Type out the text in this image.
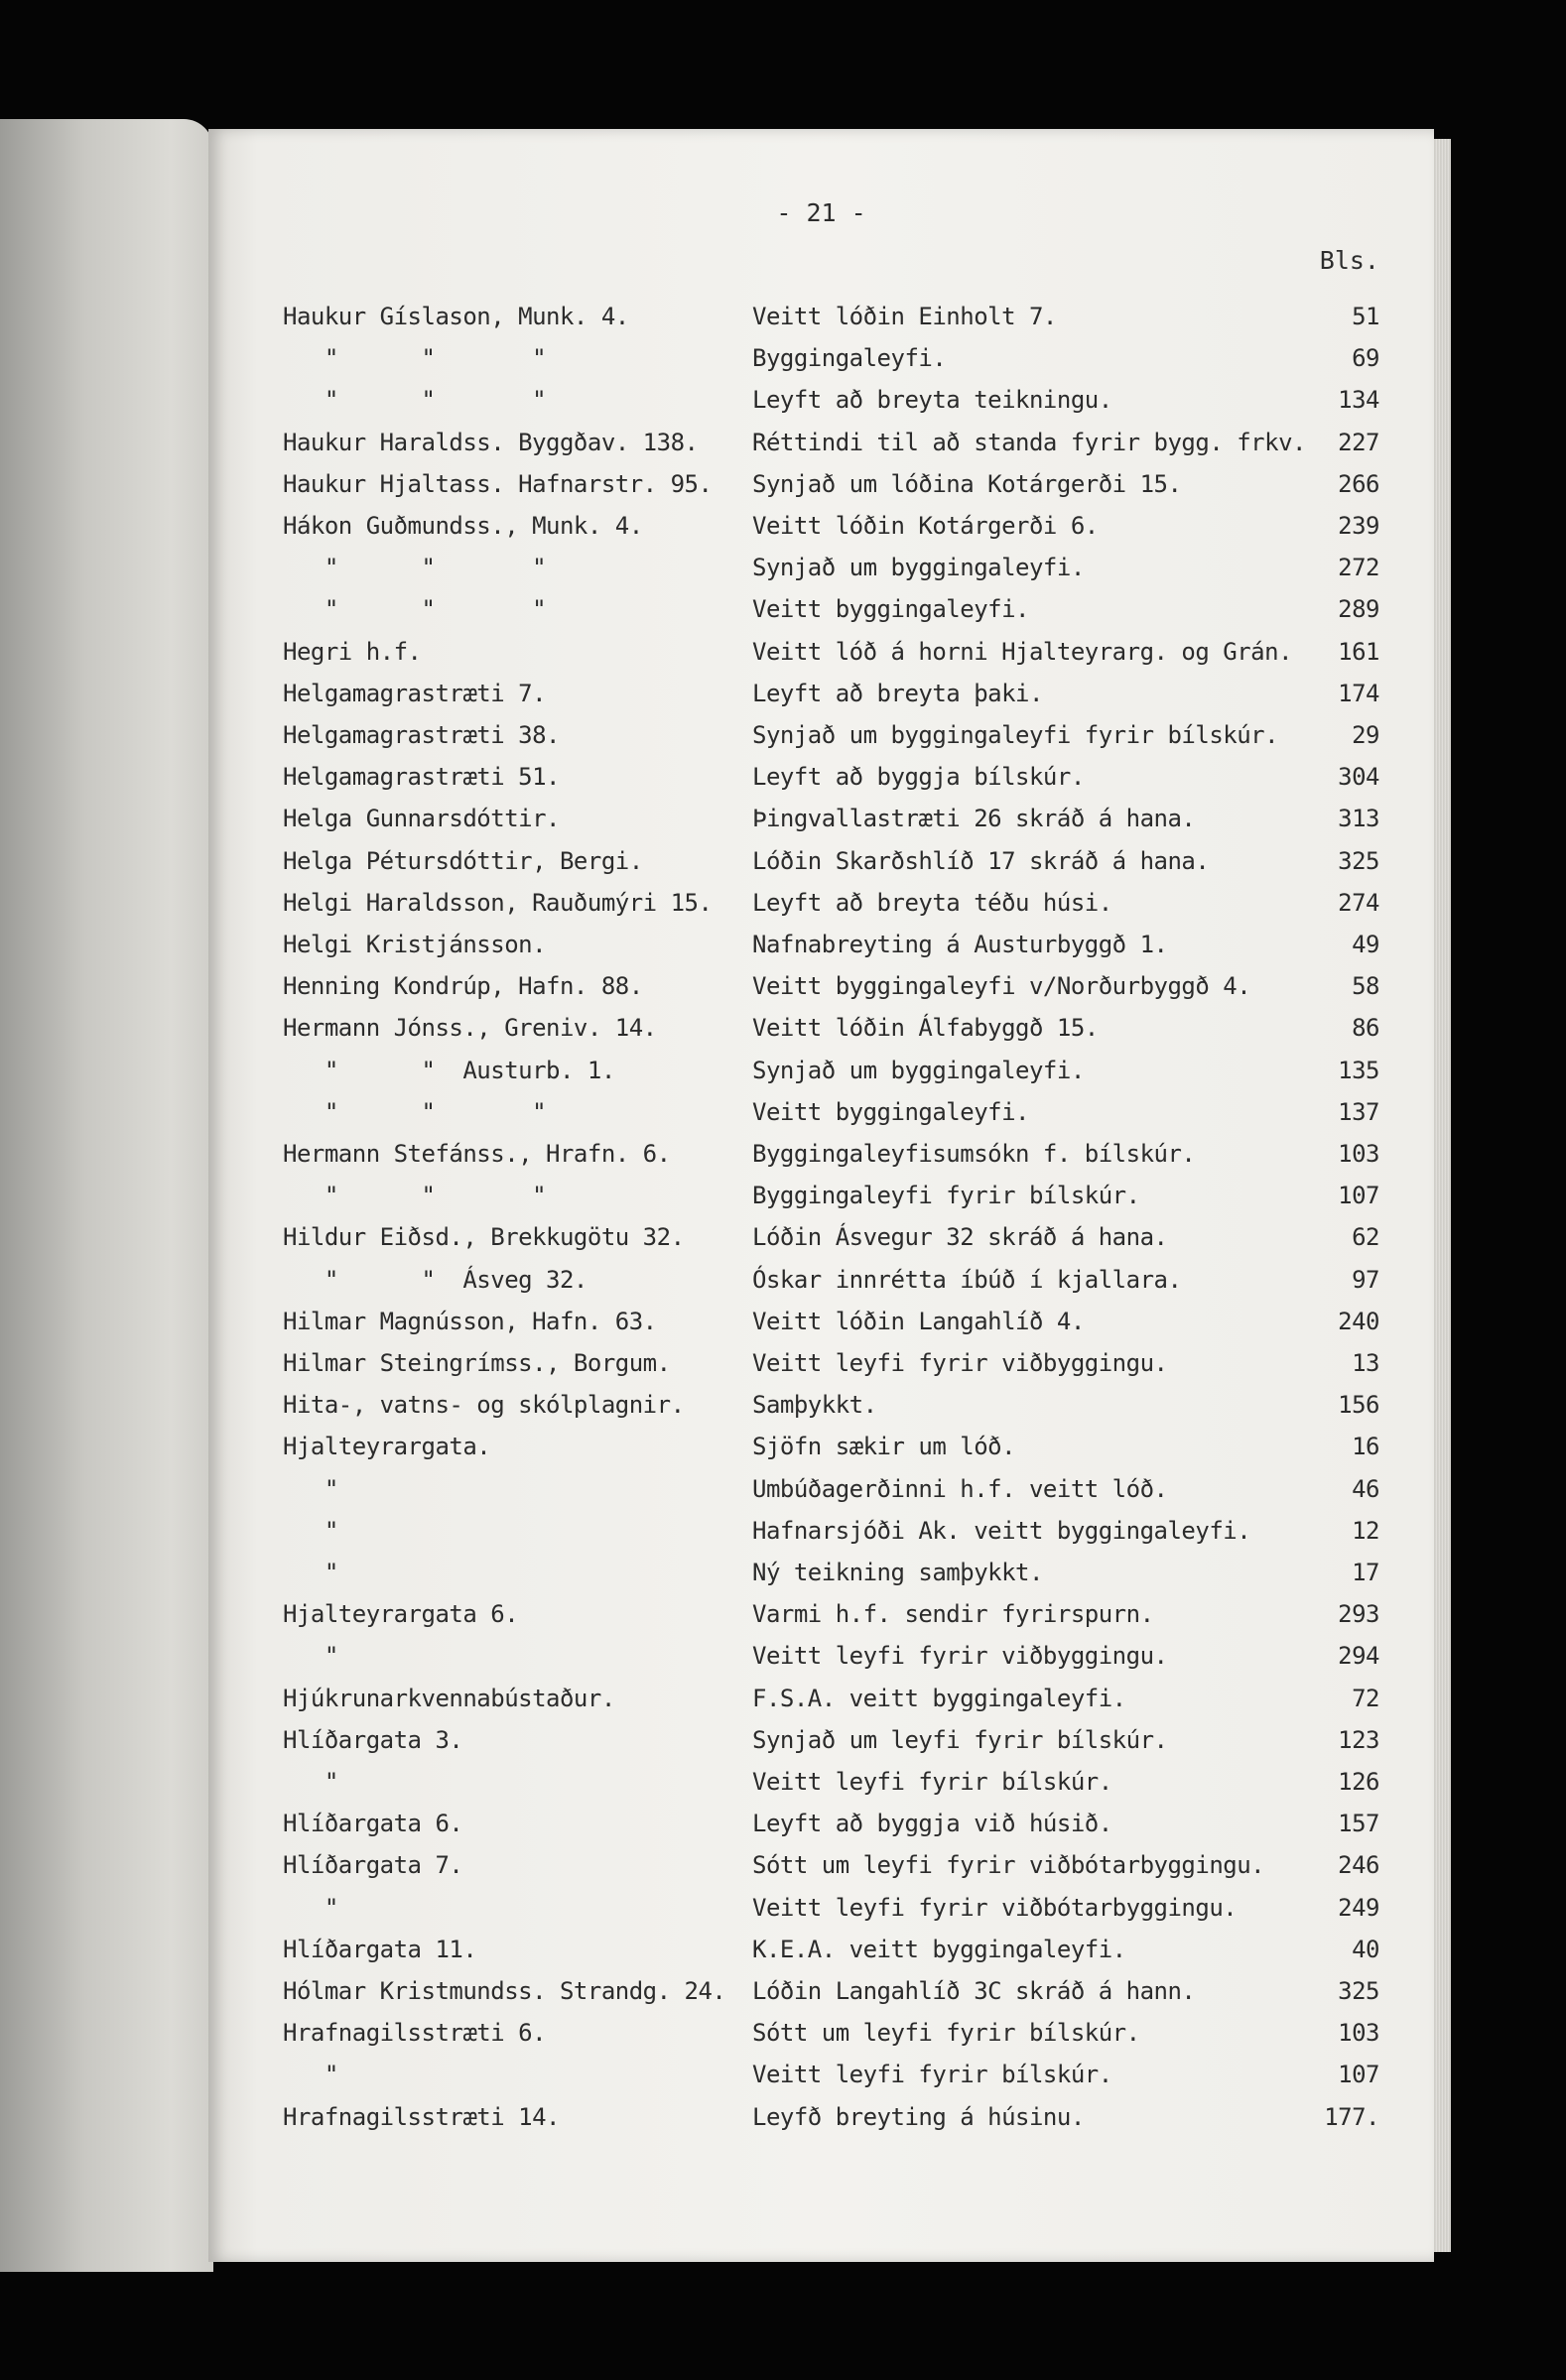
- 21 -
Bls.
Haukur Gíslason, Munk. 4.	Veitt lóðin Einholt 7.	51
"      "       "	Byggingaleyfi.	69
"      "       "	Leyft að breyta teikningu.	134
Haukur Haraldss. Byggðav. 138.	Réttindi til að standa fyrir bygg. frkv.	227
Haukur Hjaltass. Hafnarstr. 95.	Synjað um lóðina Kotárgerði 15.	266
Hákon Guðmundss., Munk. 4.	Veitt lóðin Kotárgerði 6.	239
"      "       "	Synjað um byggingaleyfi.	272
"      "       "	Veitt byggingaleyfi.	289
Hegri h.f.	Veitt lóð á horni Hjalteyrarg. og Grán.	161
Helgamagrastræti 7.	Leyft að breyta þaki.	174
Helgamagrastræti 38.	Synjað um byggingaleyfi fyrir bílskúr.	29
Helgamagrastræti 51.	Leyft að byggja bílskúr.	304
Helga Gunnarsdóttir.	Þingvallastræti 26 skráð á hana.	313
Helga Pétursdóttir, Bergi.	Lóðin Skarðshlíð 17 skráð á hana.	325
Helgi Haraldsson, Rauðumýri 15.	Leyft að breyta téðu húsi.	274
Helgi Kristjánsson.	Nafnabreyting á Austurbyggð 1.	49
Henning Kondrúp, Hafn. 88.	Veitt byggingaleyfi v/Norðurbyggð 4.	58
Hermann Jónss., Greniv. 14.	Veitt lóðin Álfabyggð 15.	86
"      "  Austurb. 1.	Synjað um byggingaleyfi.	135
"      "       "	Veitt byggingaleyfi.	137
Hermann Stefánss., Hrafn. 6.	Byggingaleyfisumsókn f. bílskúr.	103
"      "       "	Byggingaleyfi fyrir bílskúr.	107
Hildur Eiðsd., Brekkugötu 32.	Lóðin Ásvegur 32 skráð á hana.	62
"      "  Ásveg 32.	Óskar innrétta íbúð í kjallara.	97
Hilmar Magnússon, Hafn. 63.	Veitt lóðin Langahlíð 4.	240
Hilmar Steingrímss., Borgum.	Veitt leyfi fyrir viðbyggingu.	13
Hita-, vatns- og skólplagnir.	Samþykkt.	156
Hjalteyrargata.	Sjöfn sækir um lóð.	16
"	Umbúðagerðinni h.f. veitt lóð.	46
"	Hafnarsjóði Ak. veitt byggingaleyfi.	12
"	Ný teikning samþykkt.	17
Hjalteyrargata 6.	Varmi h.f. sendir fyrirspurn.	293
"	Veitt leyfi fyrir viðbyggingu.	294
Hjúkrunarkvennabústaður.	F.S.A. veitt byggingaleyfi.	72
Hlíðargata 3.	Synjað um leyfi fyrir bílskúr.	123
"	Veitt leyfi fyrir bílskúr.	126
Hlíðargata 6.	Leyft að byggja við húsið.	157
Hlíðargata 7.	Sótt um leyfi fyrir viðbótarbyggingu.	246
"	Veitt leyfi fyrir viðbótarbyggingu.	249
Hlíðargata 11.	K.E.A. veitt byggingaleyfi.	40
Hólmar Kristmundss. Strandg. 24.	Lóðin Langahlíð 3C skráð á hann.	325
Hrafnagilsstræti 6.	Sótt um leyfi fyrir bílskúr.	103
"	Veitt leyfi fyrir bílskúr.	107
Hrafnagilsstræti 14.	Leyfð breyting á húsinu.	177.
